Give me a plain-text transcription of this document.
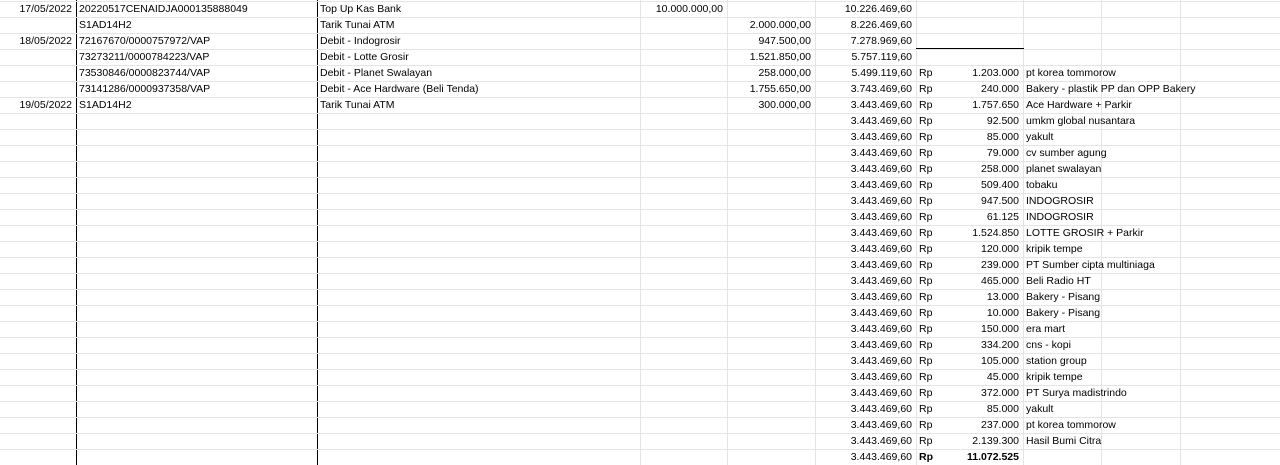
17/05/2022 20220517CENAIDJA000135888049	Top Up Kas Bank	10.000.000,00	10.226.469,60
S1AD14H2	Tarik Tunai ATM	2.000.000,00	8.226.469,60
18/05/2022 72167670/0000757972/VAP	Debit - Indogrosir	947.500,00	7.278.969,60
73273211/0000784223/VAP	Debit - Lotte Grosir	1.521.850,00	5.757.119,60
73530846/0000823744/VAP	Debit - Planet Swalayan	258.000,00	5.499.119,60 Rp	1.203.000 pt korea tommorow
73141286/0000937358/VAP	Debit - Ace Hardware (Beli Tenda)	1.755.650,00	3.743.469,60 Rp	240.000 Bakery - plastik PP dan OPP Bakery
19/05/2022 S1AD14H2	Tarik Tunai ATM	300.000,00	3.443.469,60 Rp	1.757.650 Ace Hardware + Parkir
3.443.469,60 Rp	92.500 umkm global nusantara
3.443.469,60 Rp	85.000 yakult
3.443.469,60 Rp	79.000 cv sumber agung
3.443.469,60 Rp	258.000 planet swalayan
3.443.469,60 Rp	509.400 tobaku
3.443.469,60 Rp	947.500 INDOGROSIR
3.443.469,60 Rp	61.125 INDOGROSIR
3.443.469,60 Rp	1.524.850 LOTTE GROSIR + Parkir
3.443.469,60 Rp	120.000 kripik tempe
3.443.469,60 Rp	239.000 PT Sumber cipta multiniaga
3.443.469,60 Rp	465.000 Beli Radio HT
3.443.469,60 Rp	13.000 Bakery - Pisang
3.443.469,60 Rp	10.000 Bakery - Pisang
3.443.469,60 Rp	150.000 era mart
3.443.469,60 Rp	334.200 cns - kopi
3.443.469,60 Rp	105.000 station group
3.443.469,60 Rp	45.000 kripik tempe
3.443.469,60 Rp	372.000 PT Surya madistrindo
3.443.469,60 Rp	85.000 yakult
3.443.469,60 Rp	237.000 pt korea tommorow
3.443.469,60 Rp	2.139.300 Hasil Bumi Citra
3.443.469,60 Rp	11.072.525
